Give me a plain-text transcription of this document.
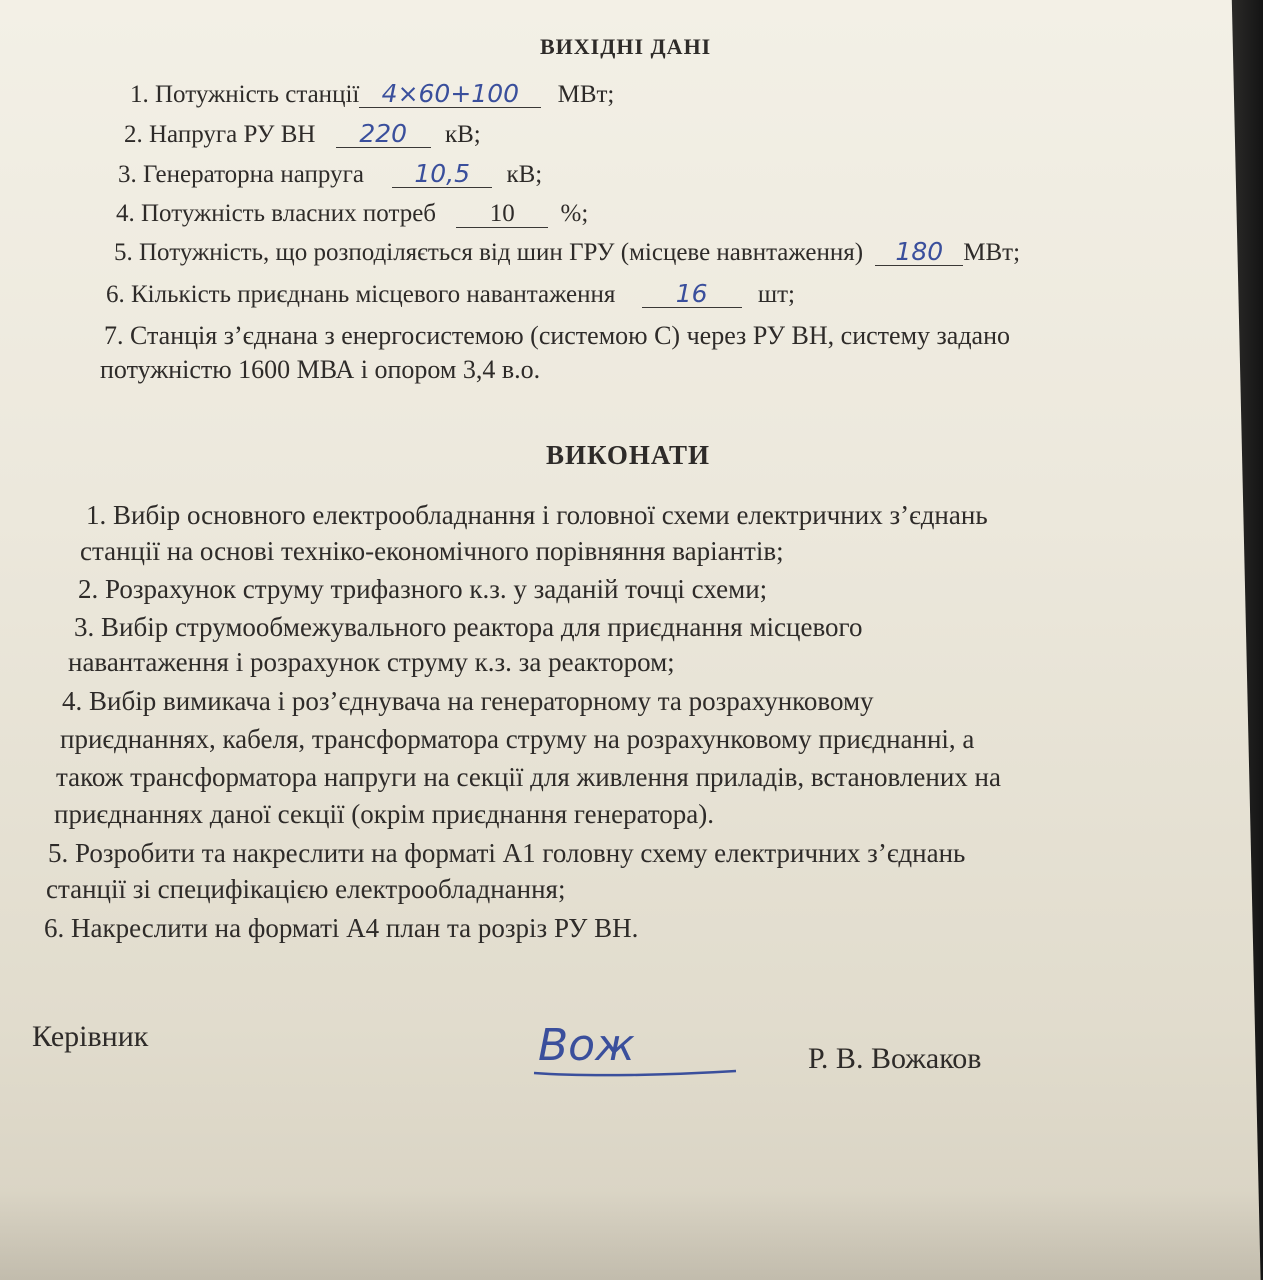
ВИХІДНІ ДАНІ
1. Потужність станції 4×60+100 МВт;
2. Напруга РУ ВН 220 кВ;
3. Генераторна напруга 10,5 кВ;
4. Потужність власних потреб 10 %;
5. Потужність, що розподіляється від шин ГРУ (місцеве навнтаження) 180 МВт;
6. Кількість приєднань місцевого навантаження 16 шт;
7. Станція з’єднана з енергосистемою (системою С) через РУ ВН, систему задано
потужністю 1600 МВА і опором 3,4 в.о.
ВИКОНАТИ
1. Вибір основного електрообладнання і головної схеми електричних з’єднань
станції на основі техніко-економічного порівняння варіантів;
2. Розрахунок струму трифазного к.з. у заданій точці схеми;
3. Вибір струмообмежувального реактора для приєднання місцевого
навантаження і розрахунок струму к.з. за реактором;
4. Вибір вимикача і роз’єднувача на генераторному та розрахунковому
приєднаннях, кабеля, трансформатора струму на розрахунковому приєднанні, а
також трансформатора напруги на секції для живлення приладів, встановлених на
приєднаннях даної секції (окрім приєднання генератора).
5. Розробити та накреслити на форматі А1 головну схему електричних з’єднань
станції зі специфікацією електрообладнання;
6. Накреслити на форматі А4 план та розріз РУ ВН.
Керівник	Вож	Р. В. Вожаков
